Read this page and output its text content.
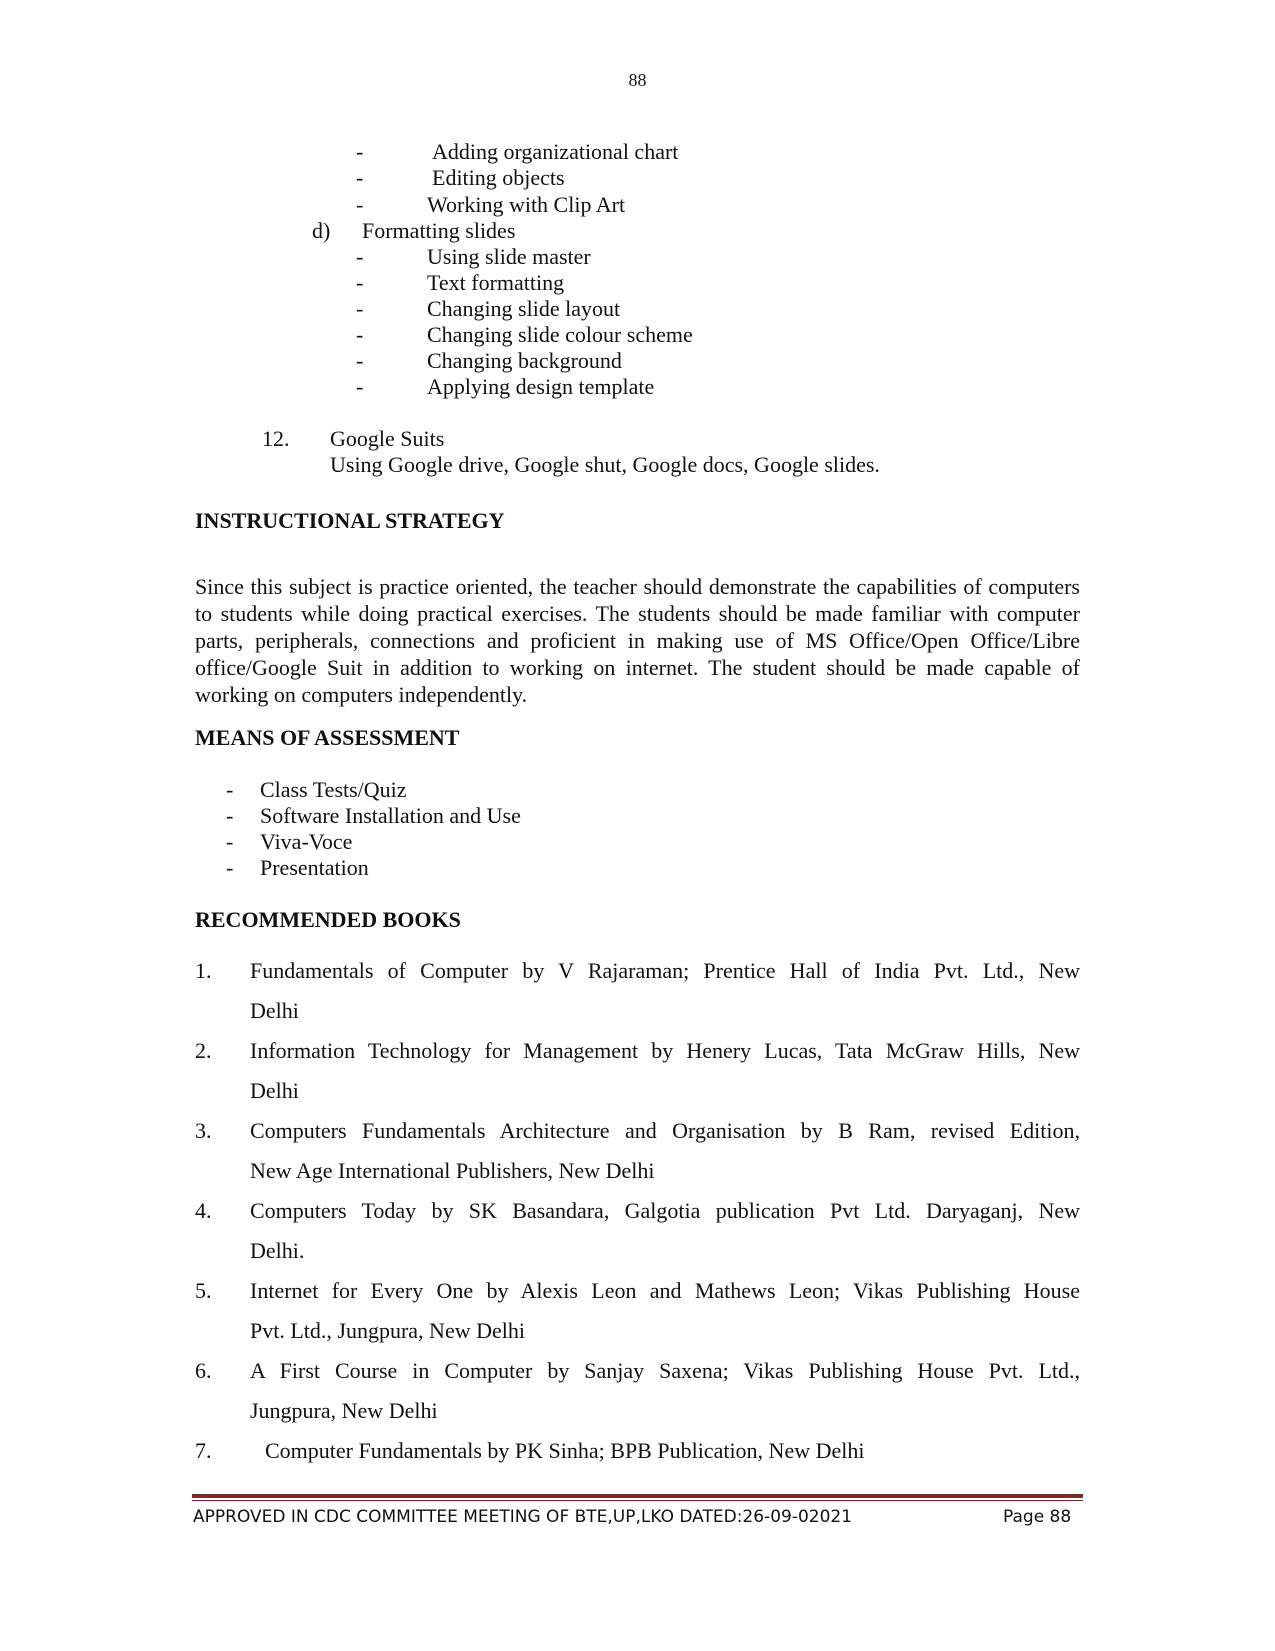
88
-	Adding organizational chart
-	Editing objects
-	Working with Clip Art
d) Formatting slides
-	Using slide master
-	Text formatting
-	Changing slide layout
-	Changing slide colour scheme
-	Changing background
-	Applying design template
12. Google Suits
Using Google drive, Google shut, Google docs, Google slides.
INSTRUCTIONAL STRATEGY
Since this subject is practice oriented, the teacher should demonstrate the capabilities of computers to students while doing practical exercises. The students should be made familiar with computer parts, peripherals, connections and proficient in making use of MS Office/Open Office/Libre office/Google Suit in addition to working on internet. The student should be made capable of working on computers independently.
MEANS OF ASSESSMENT
- Class Tests/Quiz
- Software Installation and Use
- Viva-Voce
- Presentation
RECOMMENDED BOOKS
1. Fundamentals of Computer by V Rajaraman; Prentice Hall of India Pvt. Ltd., New
Delhi
2. Information Technology for Management by Henery Lucas, Tata McGraw Hills, New
Delhi
3. Computers Fundamentals Architecture and Organisation by B Ram, revised Edition,
New Age International Publishers, New Delhi
4. Computers Today by SK Basandara, Galgotia publication Pvt Ltd. Daryaganj, New
Delhi.
5. Internet for Every One by Alexis Leon and Mathews Leon; Vikas Publishing House
Pvt. Ltd., Jungpura, New Delhi
6. A First Course in Computer by Sanjay Saxena; Vikas Publishing House Pvt. Ltd.,
Jungpura, New Delhi
7. Computer Fundamentals by PK Sinha; BPB Publication, New Delhi
APPROVED IN CDC COMMITTEE MEETING OF BTE,UP,LKO DATED:26-09-02021	Page 88
